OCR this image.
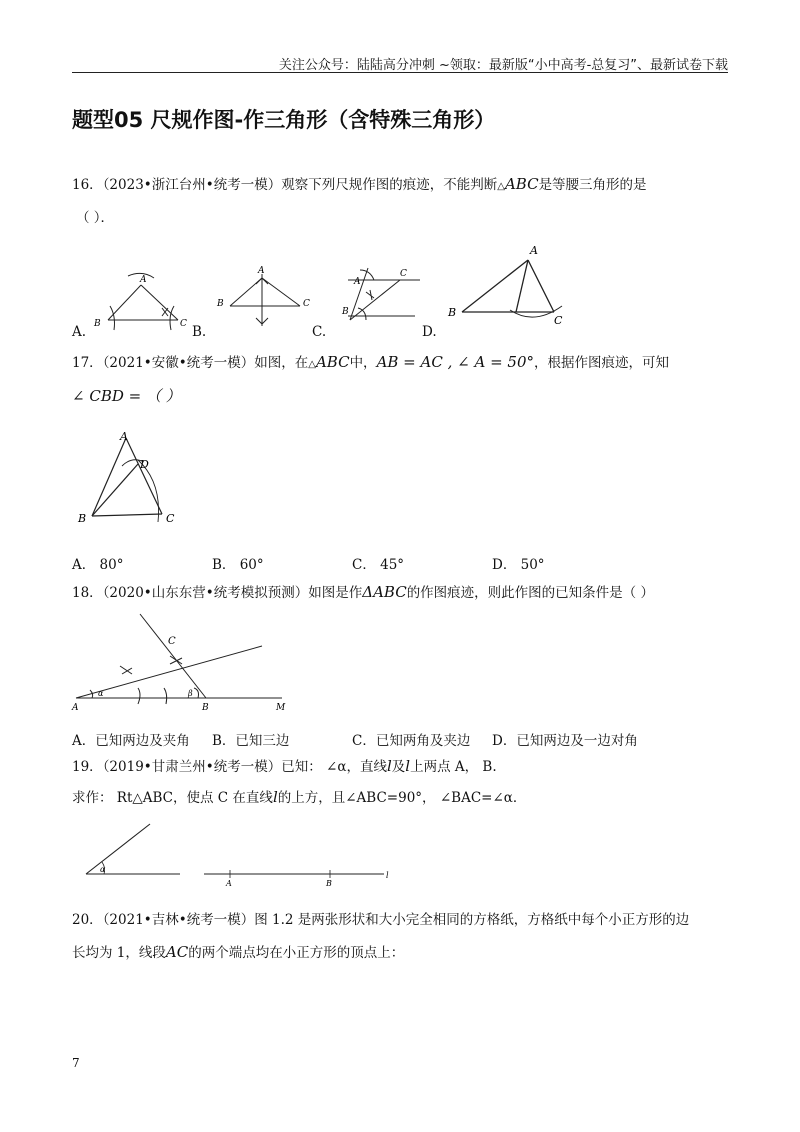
关注公众号：陆陆高分冲刺 ~领取：最新版“小中高考-总复习”、最新试卷下载
题型05 尺规作图-作三角形（含特殊三角形）
16．（2023•浙江台州•统考一模）观察下列尺规作图的痕迹，不能判断△ABC是等腰三角形的是
（ ）．
A
B	C
A
B	C
A
B
C
A
B
C
A.	B.	C.	D.
17．（2021•安徽•统考一模）如图，在△ABC中，AB = AC , ∠ A = 50°，根据作图痕迹，可知
∠ CBD = （ ）
A
B	C
D
A． 80°	B． 60°	C． 45°	D． 50°
18．（2020•山东东营•统考模拟预测）如图是作ΔABC的作图痕迹，则此作图的已知条件是（ ）
C
A	B	M
α	β
A．已知两边及夹角 B．已知三边	C．已知两角及夹边 D．已知两边及一边对角
19．（2019•甘肃兰州•统考一模）已知： ∠α，直线l及l上两点 A， B.
求作： Rt△ABC，使点 C 在直线l的上方，且∠ABC=90°， ∠BAC=∠α．
α
A	B
l
20．（2021•吉林•统考一模）图 1.2 是两张形状和大小完全相同的方格纸，方格纸中每个小正方形的边
长均为 1，线段AC的两个端点均在小正方形的顶点上：
7
